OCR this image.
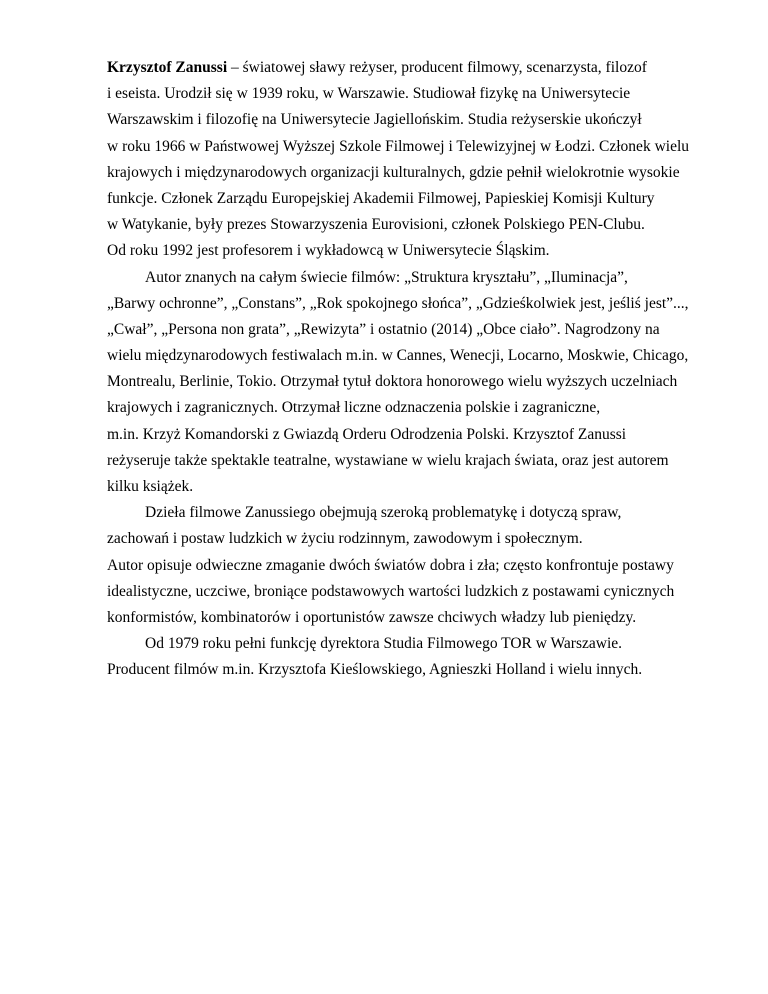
Krzysztof Zanussi – światowej sławy reżyser, producent filmowy, scenarzysta, filozof
i eseista. Urodził się w 1939 roku, w Warszawie. Studiował fizykę na Uniwersytecie
Warszawskim i filozofię na Uniwersytecie Jagiellońskim. Studia reżyserskie ukończył
w roku 1966 w Państwowej Wyższej Szkole Filmowej i Telewizyjnej w Łodzi. Członek wielu
krajowych i międzynarodowych organizacji kulturalnych, gdzie pełnił wielokrotnie wysokie
funkcje. Członek Zarządu Europejskiej Akademii Filmowej, Papieskiej Komisji Kultury
w Watykanie, były prezes Stowarzyszenia Eurovisioni, członek Polskiego PEN-Clubu.
Od roku 1992 jest profesorem i wykładowcą w Uniwersytecie Śląskim.
Autor znanych na całym świecie filmów: „Struktura kryształu”, „Iluminacja”,
„Barwy ochronne”, „Constans”, „Rok spokojnego słońca”, „Gdzieśkolwiek jest, jeśliś jest”...,
„Cwał”, „Persona non grata”, „Rewizyta” i ostatnio (2014) „Obce ciało”. Nagrodzony na
wielu międzynarodowych festiwalach m.in. w Cannes, Wenecji, Locarno, Moskwie, Chicago,
Montrealu, Berlinie, Tokio. Otrzymał tytuł doktora honorowego wielu wyższych uczelniach
krajowych i zagranicznych. Otrzymał liczne odznaczenia polskie i zagraniczne,
m.in. Krzyż Komandorski z Gwiazdą Orderu Odrodzenia Polski. Krzysztof Zanussi
reżyseruje także spektakle teatralne, wystawiane w wielu krajach świata, oraz jest autorem
kilku książek.
Dzieła filmowe Zanussiego obejmują szeroką problematykę i dotyczą spraw,
zachowań i postaw ludzkich w życiu rodzinnym, zawodowym i społecznym.
Autor opisuje odwieczne zmaganie dwóch światów dobra i zła; często konfrontuje postawy
idealistyczne, uczciwe, broniące podstawowych wartości ludzkich z postawami cynicznych
konformistów, kombinatorów i oportunistów zawsze chciwych władzy lub pieniędzy.
Od 1979 roku pełni funkcję dyrektora Studia Filmowego TOR w Warszawie.
Producent filmów m.in. Krzysztofa Kieślowskiego, Agnieszki Holland i wielu innych.
